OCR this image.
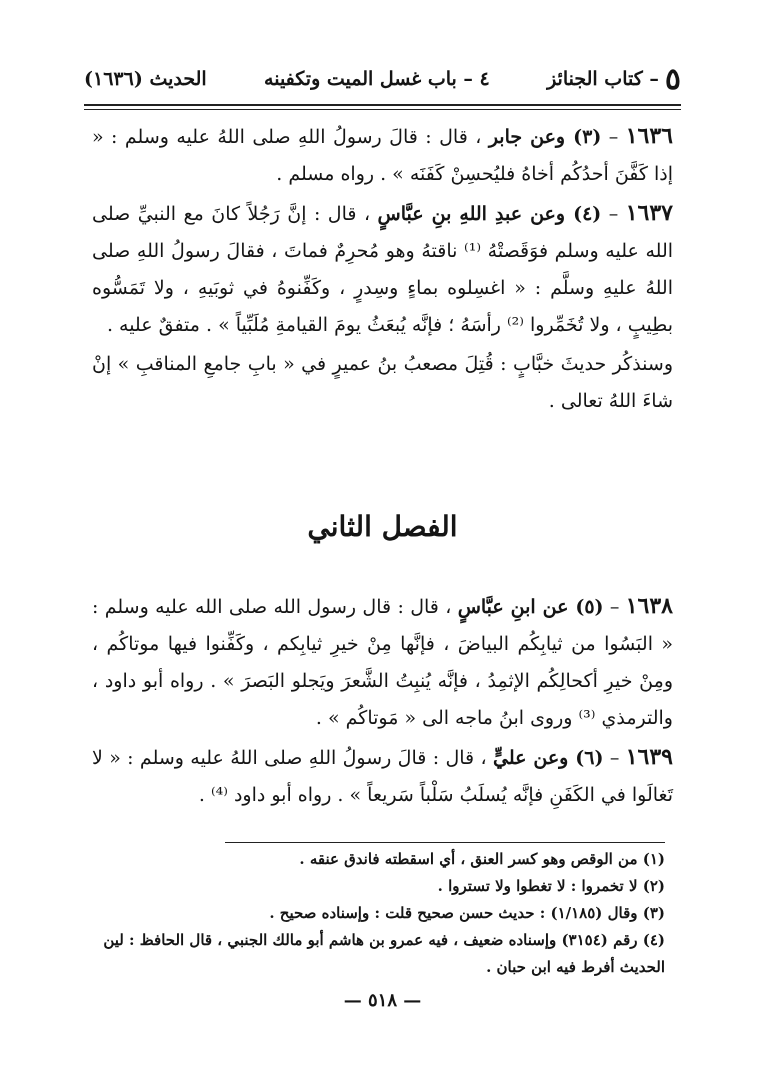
٥
– كتاب الجنائز
٤ – باب غسل الميت وتكفينه
الحديث (١٦٣٦)

١٦٣٦ – (٣) وعن جابر ، قال : قالَ رسولُ اللهِ صلى اللهُ عليه وسلم : « إذا كَفَّنَ أحدُكُم أخاهُ فليُحسِنْ كَفَنَه » . رواه مسلم .

١٦٣٧ – (٤) وعن عبدِ اللهِ بنِ عبَّاسٍ ، قال : إنَّ رَجُلاً كانَ مع النبيِّ صلى الله عليه وسلم فوَقَصتْهُ ⁽¹⁾ ناقتهُ وهو مُحرِمٌ فماتَ ، فقالَ رسولُ اللهِ صلى اللهُ عليهِ وسلَّم : « اغسِلوه بماءٍ وسِدرٍ ، وكَفِّنوهُ في ثوبَيهِ ، ولا تَمَسُّوه بطِيبٍ ، ولا تُخَمِّروا ⁽²⁾ رأسَهُ ؛ فإنَّه يُبعَثُ يومَ القيامةِ مُلَبِّياً » . متفقٌ عليه .

وسنذكُر حديثَ خبَّابٍ : قُتِلَ مصعبُ بنُ عميرٍ في « بابِ جامعِ المناقبِ » إنْ شاءَ اللهُ تعالى .

الفصل الثاني

١٦٣٨ – (٥) عن ابنِ عبَّاسٍ ، قال : قال رسول الله صلى الله عليه وسلم : « البَسُوا من ثيابِكُم البياضَ ، فإنَّها مِنْ خيرِ ثيابِكم ، وكَفِّنوا فيها موتاكُم ، ومِنْ خيرِ أكحالِكُم الإثمِدُ ، فإنَّه يُنبِتُ الشَّعرَ ويَجلو البَصرَ » . رواه أبو داود ، والترمذي ⁽³⁾ وروى ابنُ ماجه الى « مَوتاكُم » .

١٦٣٩ – (٦) وعن عليٍّ ، قال : قالَ رسولُ اللهِ صلى اللهُ عليه وسلم : « لا تَغالَوا في الكَفَنِ فإنَّه يُسلَبُ سَلْباً سَريعاً » . رواه أبو داود ⁽⁴⁾ .

(١) من الوقص وهو كسر العنق ، أي اسقطته فاندق عنقه .
(٢) لا تخمروا : لا تغطوا ولا تستروا .
(٣) وقال (١/١٨٥) : حديث حسن صحيح قلت : وإسناده صحيح .
(٤) رقم (٣١٥٤) وإسناده ضعيف ، فيه عمرو بن هاشم أبو مالك الجنبي ، قال الحافظ : لين الحديث أفرط فيه ابن حبان .
— ٥١٨ —
